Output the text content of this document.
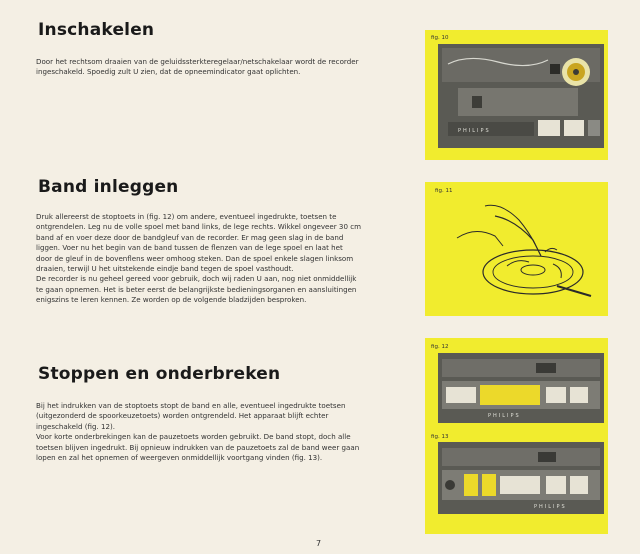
Inschakelen
Door het rechtsom draaien van de geluidssterkteregelaar/netschakelaar wordt de recorder
ingeschakeld. Spoedig zult U zien, dat de opneemindicator gaat oplichten.
Band inleggen
Druk allereerst de stoptoets in (fig. 12) om andere, eventueel ingedrukte, toetsen te
ontgrendelen. Leg nu de volle spoel met band links, de lege rechts. Wikkel ongeveer 30 cm
band af en voer deze door de bandgleuf van de recorder. Er mag geen slag in de band
liggen. Voer nu het begin van de band tussen de flenzen van de lege spoel en laat het
door de gleuf in de bovenflens weer omhoog steken. Dan de spoel enkele slagen linksom
draaien, terwijl U het uitstekende eindje band tegen de spoel vasthoudt.
De recorder is nu geheel gereed voor gebruik, doch wij raden U aan, nog niet onmiddellijk
te gaan opnemen. Het is beter eerst de belangrijkste bedieningsorganen en aansluitingen
enigszins te leren kennen. Ze worden op de volgende bladzijden besproken.
Stoppen en onderbreken
Bij het indrukken van de stoptoets stopt de band en alle, eventueel ingedrukte toetsen
(uitgezonderd de spoorkeuzetoets) worden ontgrendeld. Het apparaat blijft echter
ingeschakeld (fig. 12).
Voor korte onderbrekingen kan de pauzetoets worden gebruikt. De band stopt, doch alle
toetsen blijven ingedrukt. Bij opnieuw indrukken van de pauzetoets zal de band weer gaan
lopen en zal het opnemen of weergeven onmiddellijk voortgang vinden (fig. 13).
fig. 10
PHILIPS
fig. 11
fig. 12
PHILIPS
fig. 13
PHILIPS
7
